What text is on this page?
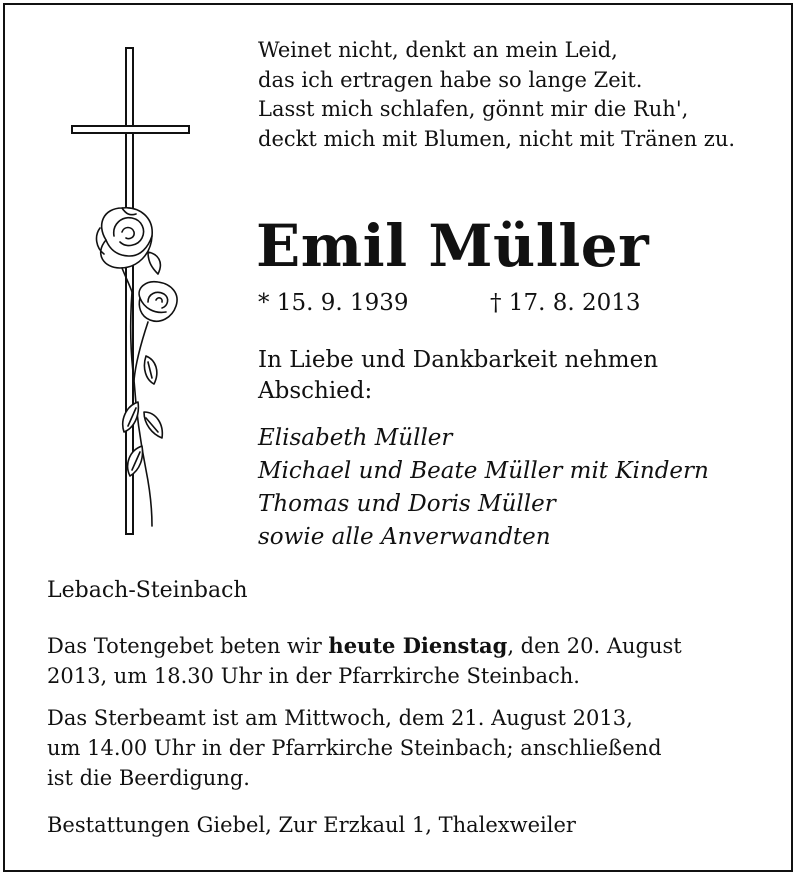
Weinet nicht, denkt an mein Leid,
das ich ertragen habe so lange Zeit.
Lasst mich schlafen, gönnt mir die Ruh',
deckt mich mit Blumen, nicht mit Tränen zu.
Emil Müller
* 15. 9. 1939	† 17. 8. 2013
In Liebe und Dankbarkeit nehmen
Abschied:
Elisabeth Müller
Michael und Beate Müller mit Kindern
Thomas und Doris Müller
sowie alle Anverwandten
Lebach-Steinbach
Das Totengebet beten wir heute Dienstag, den 20. August
2013, um 18.30 Uhr in der Pfarrkirche Steinbach.
Das Sterbeamt ist am Mittwoch, dem 21. August 2013,
um 14.00 Uhr in der Pfarrkirche Steinbach; anschließend
ist die Beerdigung.
Bestattungen Giebel, Zur Erzkaul 1, Thalexweiler
